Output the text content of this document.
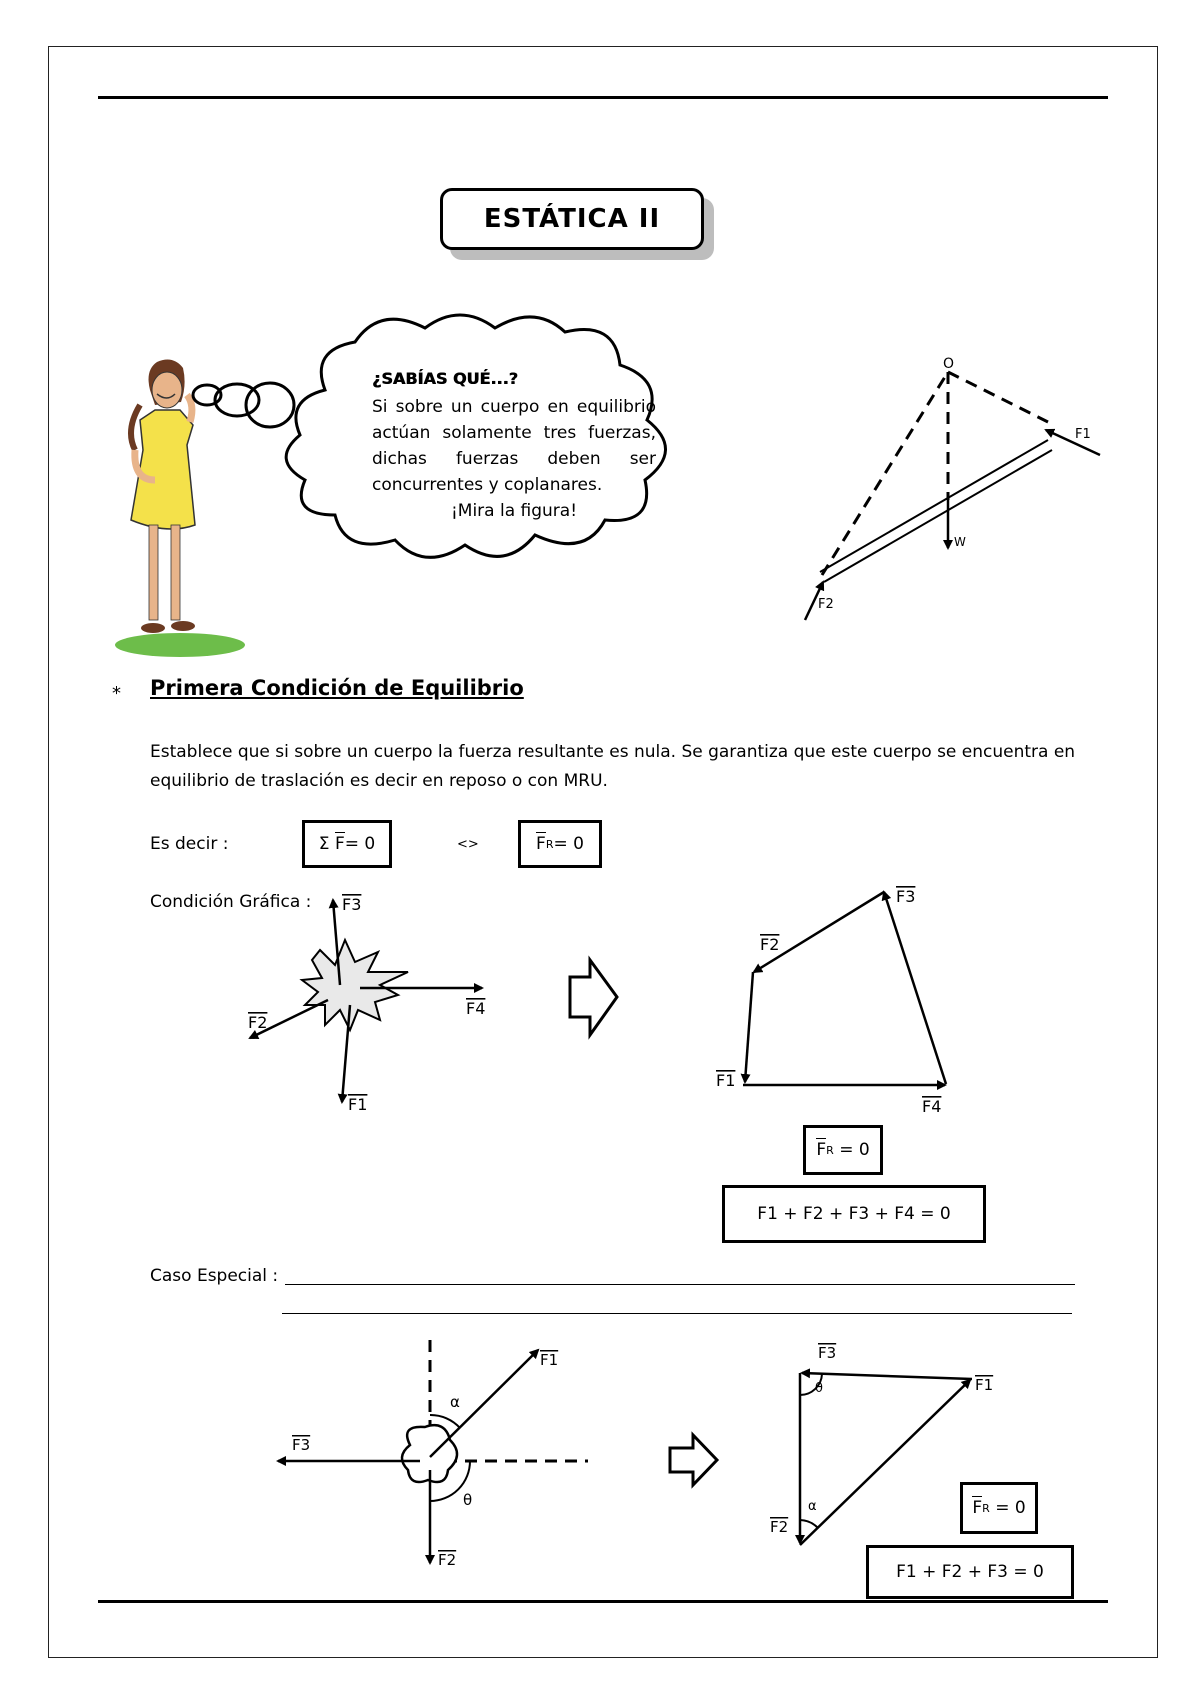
ESTÁTICA II
¿SABÍAS QUÉ...?
Si sobre un cuerpo en equilibrio
actúan solamente tres fuerzas,
dichas fuerzas deben ser
concurrentes y coplanares.
¡Mira la figura!
O
F1
W
F2
* Primera Condición de Equilibrio
Establece que si sobre un cuerpo la fuerza resultante es nula. Se garantiza que este cuerpo se encuentra en
equilibrio de traslación es decir en reposo o con MRU.
Es decir :	Σ
F = 0	<>	F R = 0
Condición Gráfica : F3
F4
F2
F1
F3
F2
F1
F4
F R
= 0
F1 + F2 + F3 + F4 = 0
Caso Especial :
α
θ
F1
F3
F2
F3
F1
F2
θ
α	F R
= 0
F1 + F2 + F3 = 0
